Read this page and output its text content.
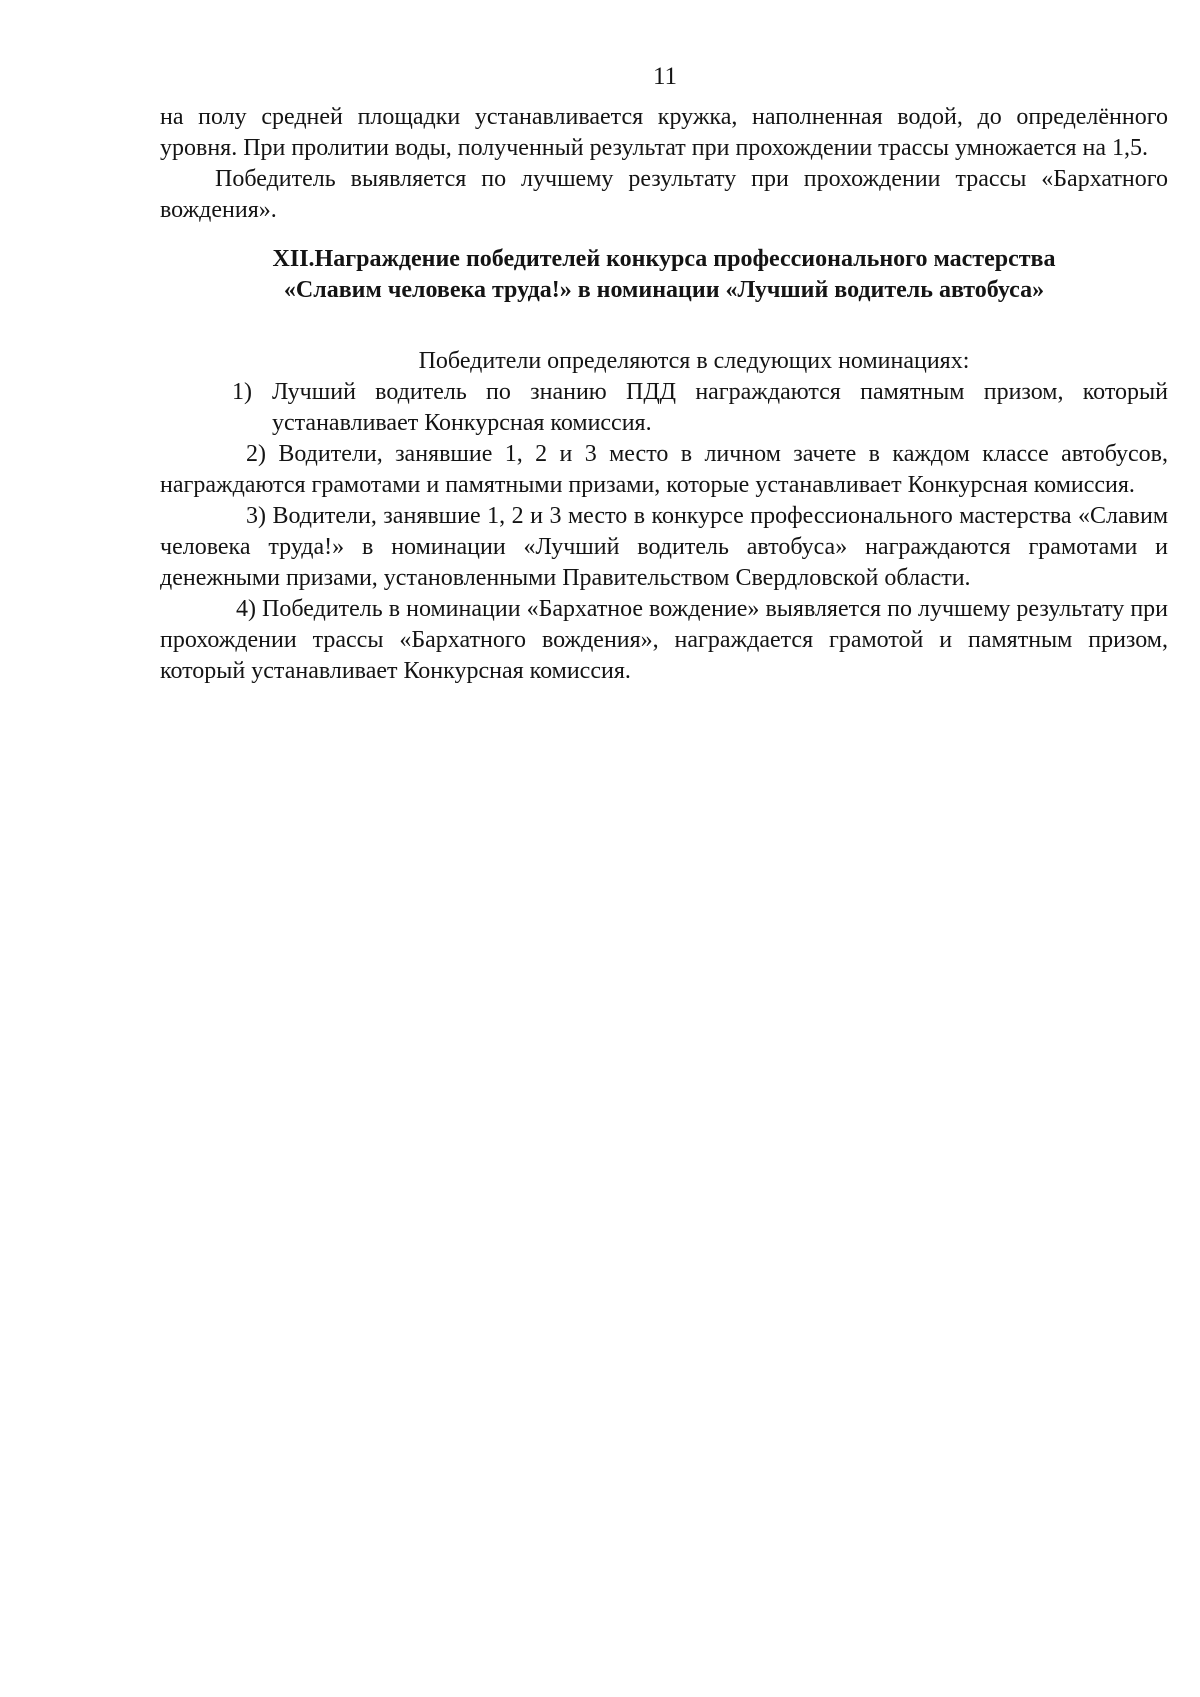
11

на полу средней площадки устанавливается кружка, наполненная водой, до определённого уровня. При пролитии воды, полученный результат при прохождении трассы умножается на 1,5.

Победитель выявляется по лучшему результату при прохождении трассы «Бархатного вождения».

XII.Награждение победителей конкурса профессионального мастерства
«Славим человека труда!» в номинации «Лучший водитель автобуса»

Победители определяются в следующих номинациях:

1) Лучший водитель по знанию ПДД награждаются памятным призом, который устанавливает Конкурсная комиссия.

2) Водители, занявшие 1, 2 и 3 место в личном зачете в каждом классе автобусов, награждаются грамотами и памятными призами, которые устанавливает Конкурсная комиссия.

3) Водители, занявшие 1, 2 и 3 место в конкурсе профессионального мастерства «Славим человека труда!» в номинации «Лучший водитель автобуса» награждаются грамотами и денежными призами, установленными Правительством Свердловской области.

4) Победитель в номинации «Бархатное вождение» выявляется по лучшему результату при прохождении трассы «Бархатного вождения», награждается грамотой и памятным призом, который устанавливает Конкурсная комиссия.
